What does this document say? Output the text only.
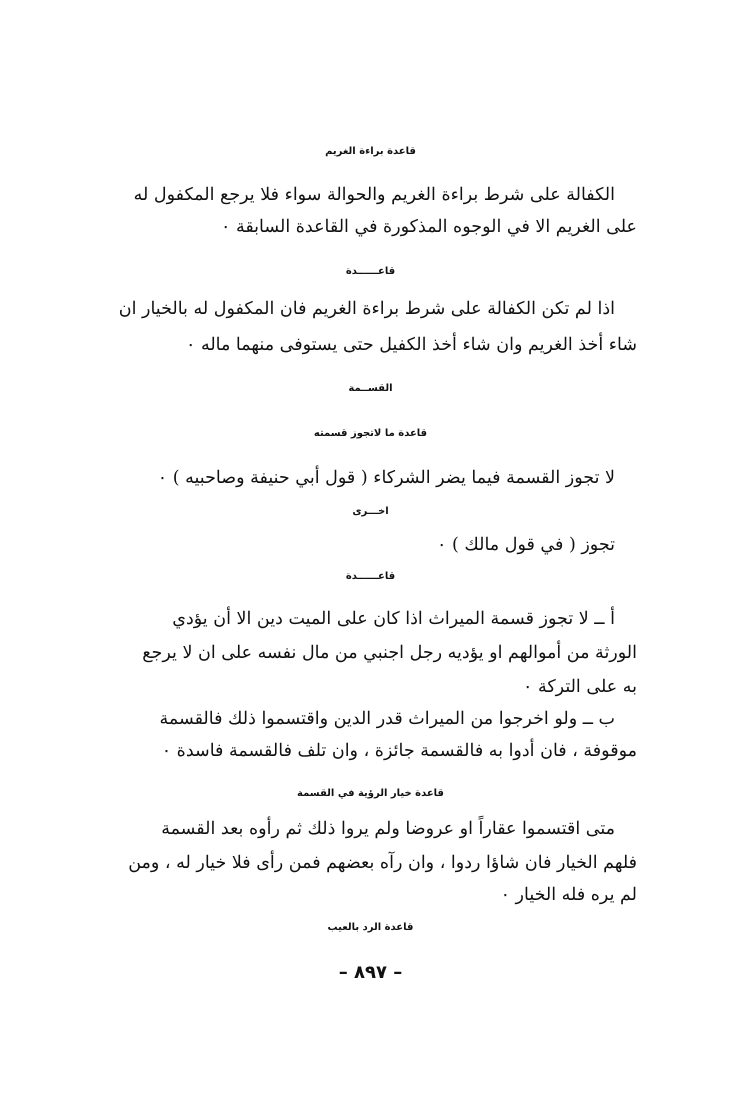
قاعدة براءة الغريم
الكفالة على شرط براءة الغريم والحوالة سواء فلا يرجع المكفول له
على الغريم الا في الوجوه المذكورة في القاعدة السابقة ٠
قاعــــــدة
اذا لم تكن الكفالة على شرط براءة الغريم فان المكفول له بالخيار ان
شاء أخذ الغريم وان شاء أخذ الكفيل حتى يستوفى منهما ماله ٠
القســمة
قاعدة ما لاتجوز قسمته
لا تجوز القسمة فيما يضر الشركاء ( قول أبي حنيفة وصاحبيه ) ٠
اخـــرى
تجوز ( في قول مالك ) ٠
قاعــــــدة
أ ــ لا تجوز قسمة الميراث اذا كان على الميت دين الا أن يؤدي
الورثة من أموالهم او يؤديه رجل اجنبي من مال نفسه على ان لا يرجع
به على التركة ٠
ب ــ ولو اخرجوا من الميراث قدر الدين واقتسموا ذلك فالقسمة
موقوفة ، فان أدوا به فالقسمة جائزة ، وان تلف فالقسمة فاسدة ٠
قاعدة خيار الرؤية في القسمة
متى اقتسموا عقاراً او عروضا ولم يروا ذلك ثم رأوه بعد القسمة
فلهم الخيار فان شاؤا ردوا ، وان رآه بعضهم فمن رأى فلا خيار له ، ومن
لم يره فله الخيار ٠
قاعدة الرد بالعيب
– ٨٩٧ –
